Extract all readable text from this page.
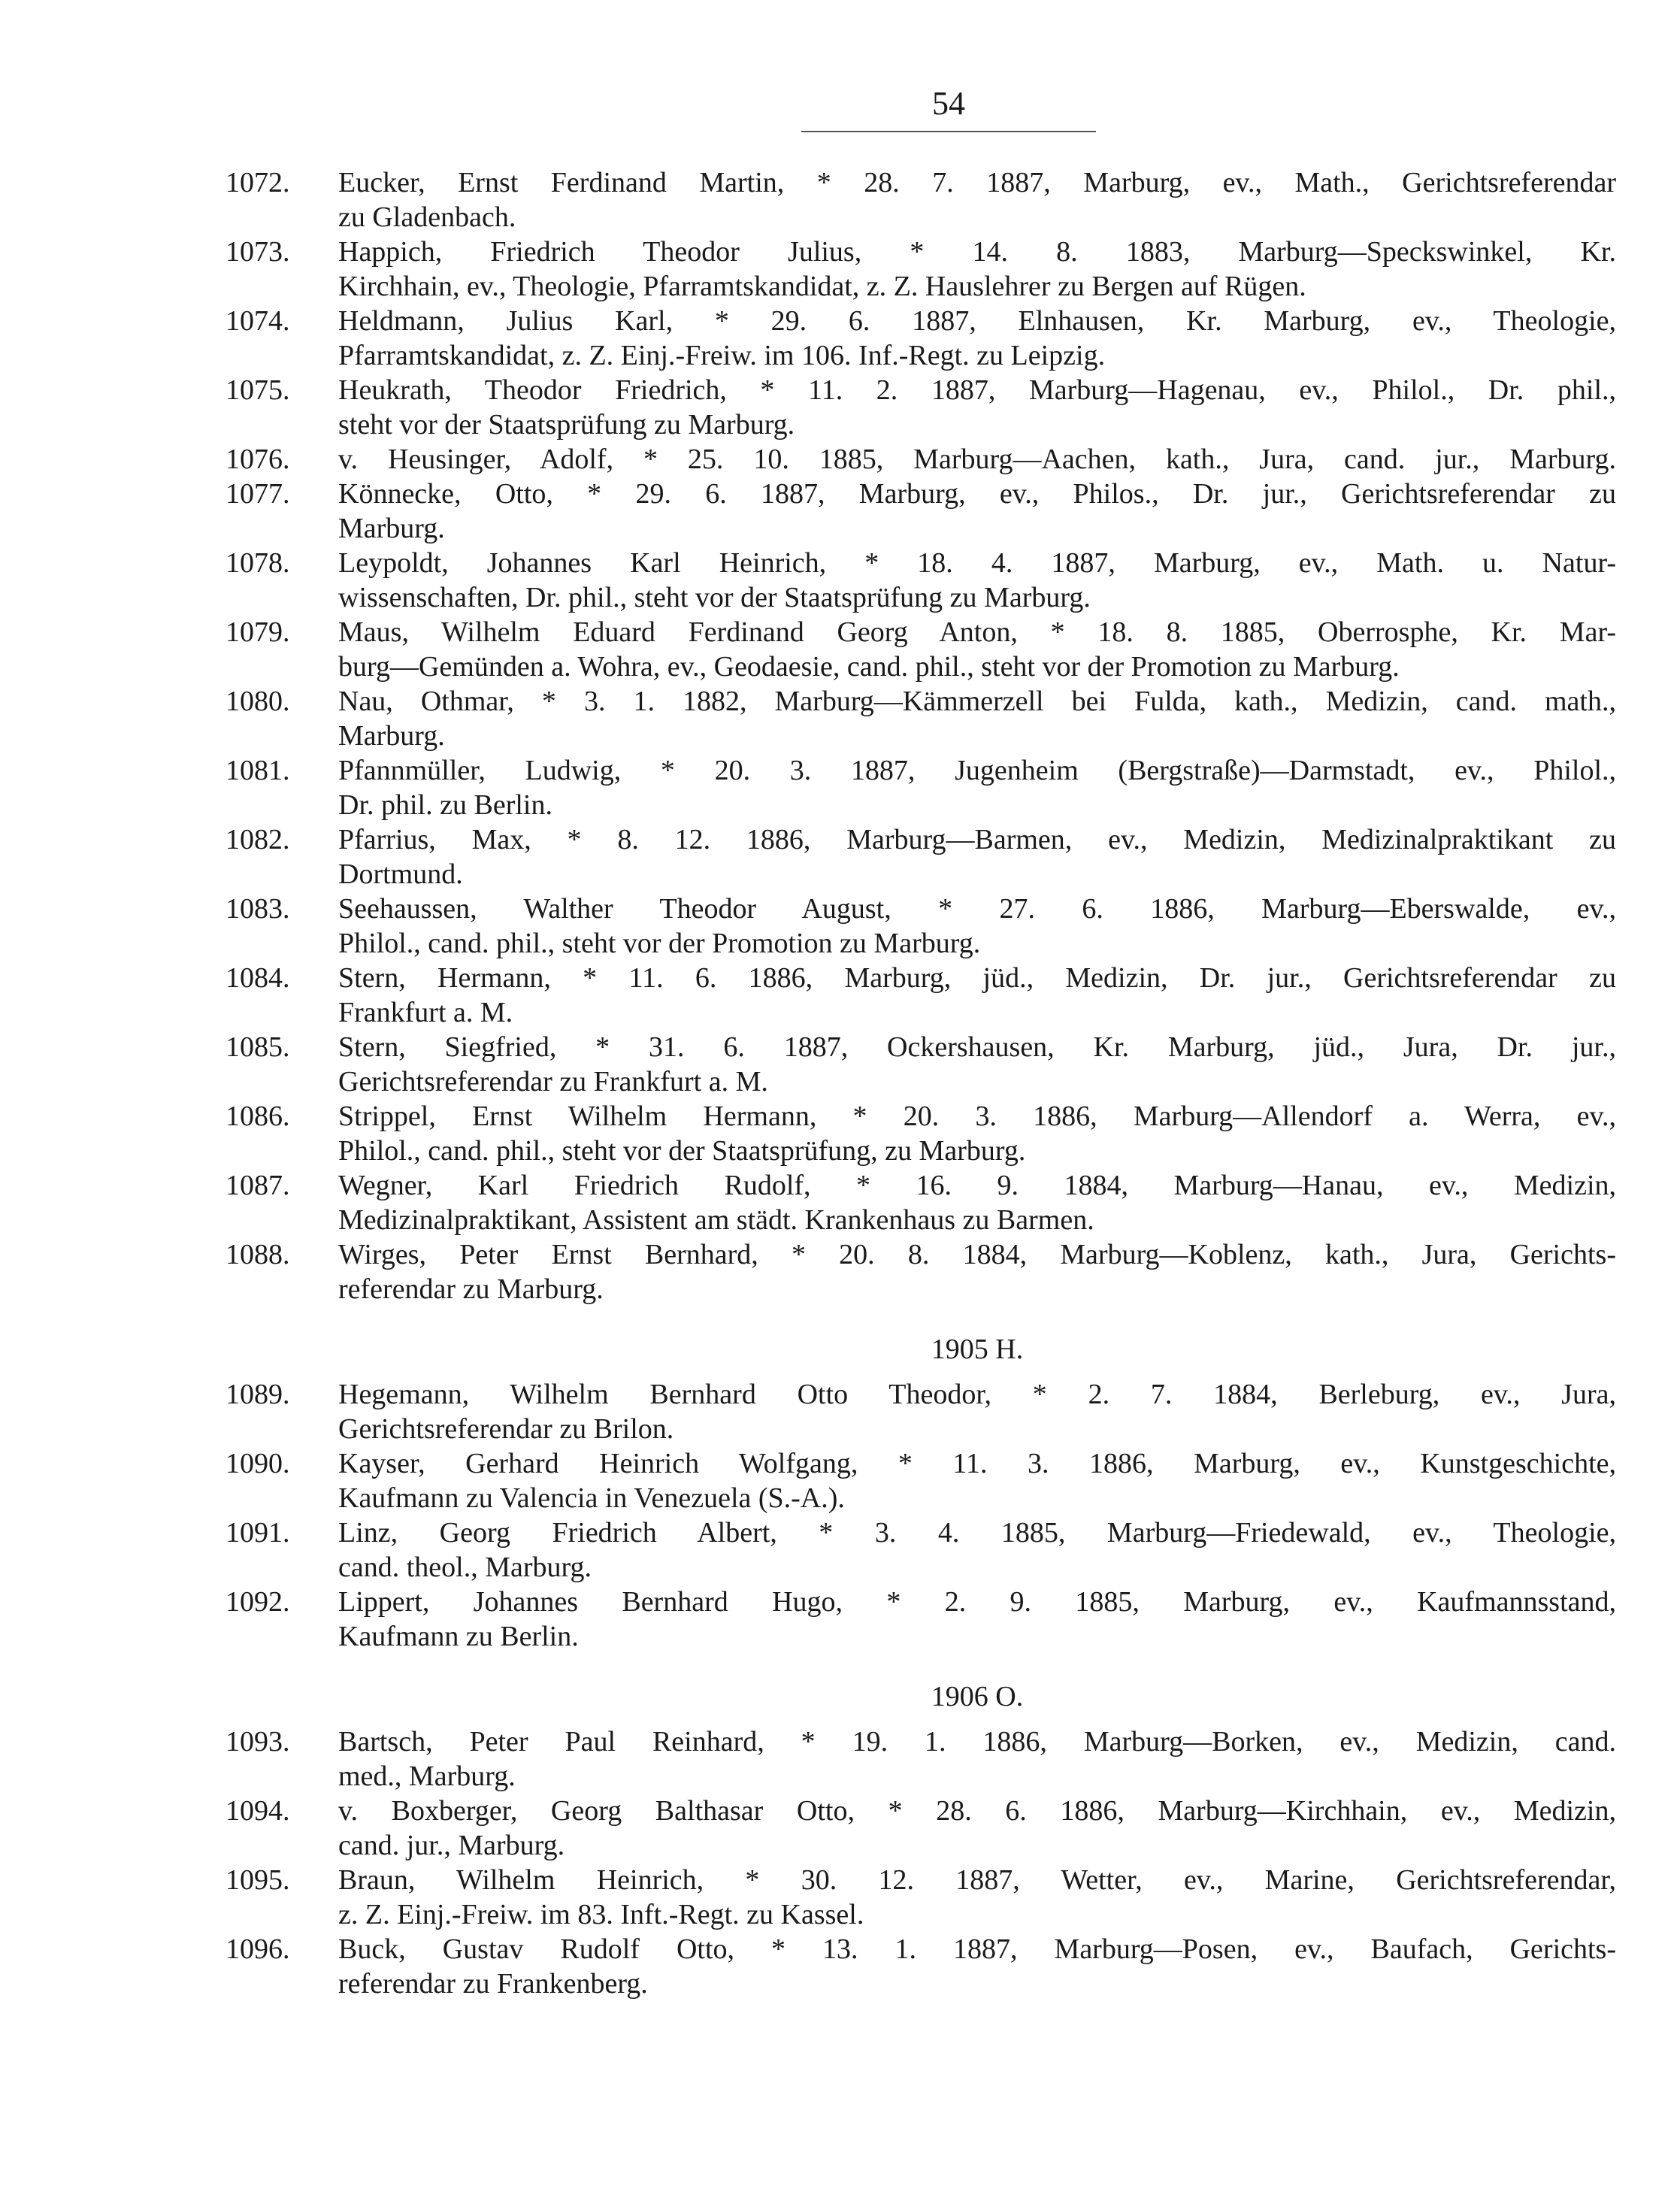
54
1072. Eucker, Ernst Ferdinand Martin, * 28. 7. 1887, Marburg, ev., Math., Gerichtsreferendar
zu Gladenbach.
1073. Happich, Friedrich Theodor Julius, * 14. 8. 1883, Marburg—Speckswinkel, Kr.
Kirchhain, ev., Theologie, Pfarramtskandidat, z. Z. Hauslehrer zu Bergen auf Rügen.
1074. Heldmann, Julius Karl, * 29. 6. 1887, Elnhausen, Kr. Marburg, ev., Theologie,
Pfarramtskandidat, z. Z. Einj.-Freiw. im 106. Inf.-Regt. zu Leipzig.
1075. Heukrath, Theodor Friedrich, * 11. 2. 1887, Marburg—Hagenau, ev., Philol., Dr. phil.,
steht vor der Staatsprüfung zu Marburg.
1076. v. Heusinger, Adolf, * 25. 10. 1885, Marburg—Aachen, kath., Jura, cand. jur., Marburg.
1077. Könnecke, Otto, * 29. 6. 1887, Marburg, ev., Philos., Dr. jur., Gerichtsreferendar zu
Marburg.
1078. Leypoldt, Johannes Karl Heinrich, * 18. 4. 1887, Marburg, ev., Math. u. Natur-
wissenschaften, Dr. phil., steht vor der Staatsprüfung zu Marburg.
1079. Maus, Wilhelm Eduard Ferdinand Georg Anton, * 18. 8. 1885, Oberrosphe, Kr. Mar-
burg—Gemünden a. Wohra, ev., Geodaesie, cand. phil., steht vor der Promotion zu Marburg.
1080. Nau, Othmar, * 3. 1. 1882, Marburg—Kämmerzell bei Fulda, kath., Medizin, cand. math.,
Marburg.
1081. Pfannmüller, Ludwig, * 20. 3. 1887, Jugenheim (Bergstraße)—Darmstadt, ev., Philol.,
Dr. phil. zu Berlin.
1082. Pfarrius, Max, * 8. 12. 1886, Marburg—Barmen, ev., Medizin, Medizinalpraktikant zu
Dortmund.
1083. Seehaussen, Walther Theodor August, * 27. 6. 1886, Marburg—Eberswalde, ev.,
Philol., cand. phil., steht vor der Promotion zu Marburg.
1084. Stern, Hermann, * 11. 6. 1886, Marburg, jüd., Medizin, Dr. jur., Gerichtsreferendar zu
Frankfurt a. M.
1085. Stern, Siegfried, * 31. 6. 1887, Ockershausen, Kr. Marburg, jüd., Jura, Dr. jur.,
Gerichtsreferendar zu Frankfurt a. M.
1086. Strippel, Ernst Wilhelm Hermann, * 20. 3. 1886, Marburg—Allendorf a. Werra, ev.,
Philol., cand. phil., steht vor der Staatsprüfung, zu Marburg.
1087. Wegner, Karl Friedrich Rudolf, * 16. 9. 1884, Marburg—Hanau, ev., Medizin,
Medizinalpraktikant, Assistent am städt. Krankenhaus zu Barmen.
1088. Wirges, Peter Ernst Bernhard, * 20. 8. 1884, Marburg—Koblenz, kath., Jura, Gerichts-
referendar zu Marburg.
1905 H.
1089. Hegemann, Wilhelm Bernhard Otto Theodor, * 2. 7. 1884, Berleburg, ev., Jura,
Gerichtsreferendar zu Brilon.
1090. Kayser, Gerhard Heinrich Wolfgang, * 11. 3. 1886, Marburg, ev., Kunstgeschichte,
Kaufmann zu Valencia in Venezuela (S.-A.).
1091. Linz, Georg Friedrich Albert, * 3. 4. 1885, Marburg—Friedewald, ev., Theologie,
cand. theol., Marburg.
1092. Lippert, Johannes Bernhard Hugo, * 2. 9. 1885, Marburg, ev., Kaufmannsstand,
Kaufmann zu Berlin.
1906 O.
1093. Bartsch, Peter Paul Reinhard, * 19. 1. 1886, Marburg—Borken, ev., Medizin, cand.
med., Marburg.
1094. v. Boxberger, Georg Balthasar Otto, * 28. 6. 1886, Marburg—Kirchhain, ev., Medizin,
cand. jur., Marburg.
1095. Braun, Wilhelm Heinrich, * 30. 12. 1887, Wetter, ev., Marine, Gerichtsreferendar,
z. Z. Einj.-Freiw. im 83. Inft.-Regt. zu Kassel.
1096. Buck, Gustav Rudolf Otto, * 13. 1. 1887, Marburg—Posen, ev., Baufach, Gerichts-
referendar zu Frankenberg.
